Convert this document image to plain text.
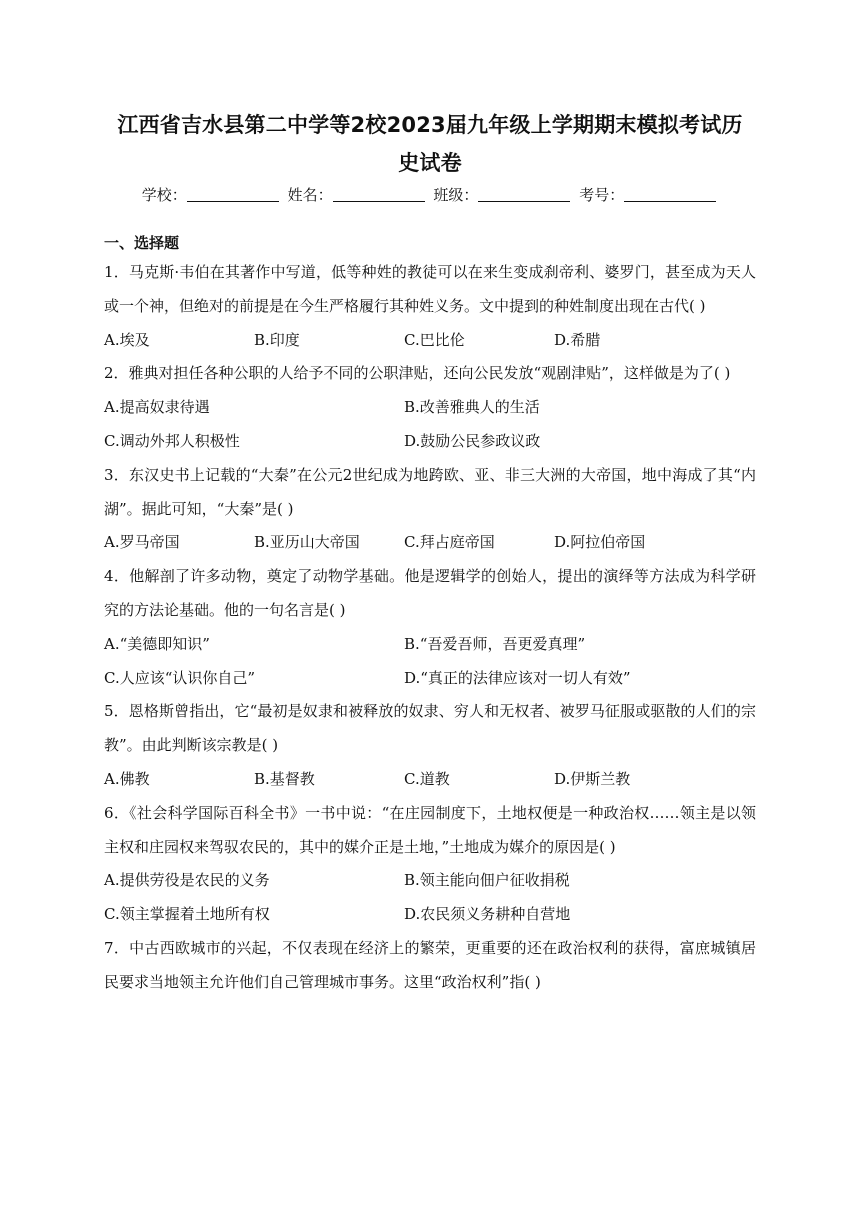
江西省吉水县第二中学等2校2023届九年级上学期期末模拟考试历
史试卷
学校：	姓名：	班级：	考号：
一、选择题

1．马克斯·韦伯在其著作中写道，低等种姓的教徒可以在来生变成刹帝利、婆罗门，甚至成为天人或一个神，但绝对的前提是在今生严格履行其种姓义务。文中提到的种姓制度出现在古代( )

A.埃及	B.印度	C.巴比伦	D.希腊

2．雅典对担任各种公职的人给予不同的公职津贴，还向公民发放“观剧津贴”，这样做是为了( )

A.提高奴隶待遇	B.改善雅典人的生活
C.调动外邦人积极性	D.鼓励公民参政议政

3．东汉史书上记载的“大秦”在公元2世纪成为地跨欧、亚、非三大洲的大帝国，地中海成了其“内湖”。据此可知，“大秦”是( )

A.罗马帝国	B.亚历山大帝国	C.拜占庭帝国	D.阿拉伯帝国

4．他解剖了许多动物，奠定了动物学基础。他是逻辑学的创始人，提出的演绎等方法成为科学研究的方法论基础。他的一句名言是( )

A.“美德即知识”	B.“吾爱吾师，吾更爱真理”
C.人应该“认识你自己”	D.“真正的法律应该对一切人有效”

5．恩格斯曾指出，它“最初是奴隶和被释放的奴隶、穷人和无权者、被罗马征服或驱散的人们的宗教”。由此判断该宗教是( )

A.佛教	B.基督教	C.道教	D.伊斯兰教

6．《社会科学国际百科全书》一书中说：“在庄园制度下，土地权便是一种政治权……领主是以领主权和庄园权来驾驭农民的，其中的媒介正是土地，”土地成为媒介的原因是( )

A.提供劳役是农民的义务	B.领主能向佃户征收捐税
C.领主掌握着土地所有权	D.农民须义务耕种自营地

7．中古西欧城市的兴起，不仅表现在经济上的繁荣，更重要的还在政治权利的获得，富庶城镇居民要求当地领主允许他们自己管理城市事务。这里“政治权利”指( )
